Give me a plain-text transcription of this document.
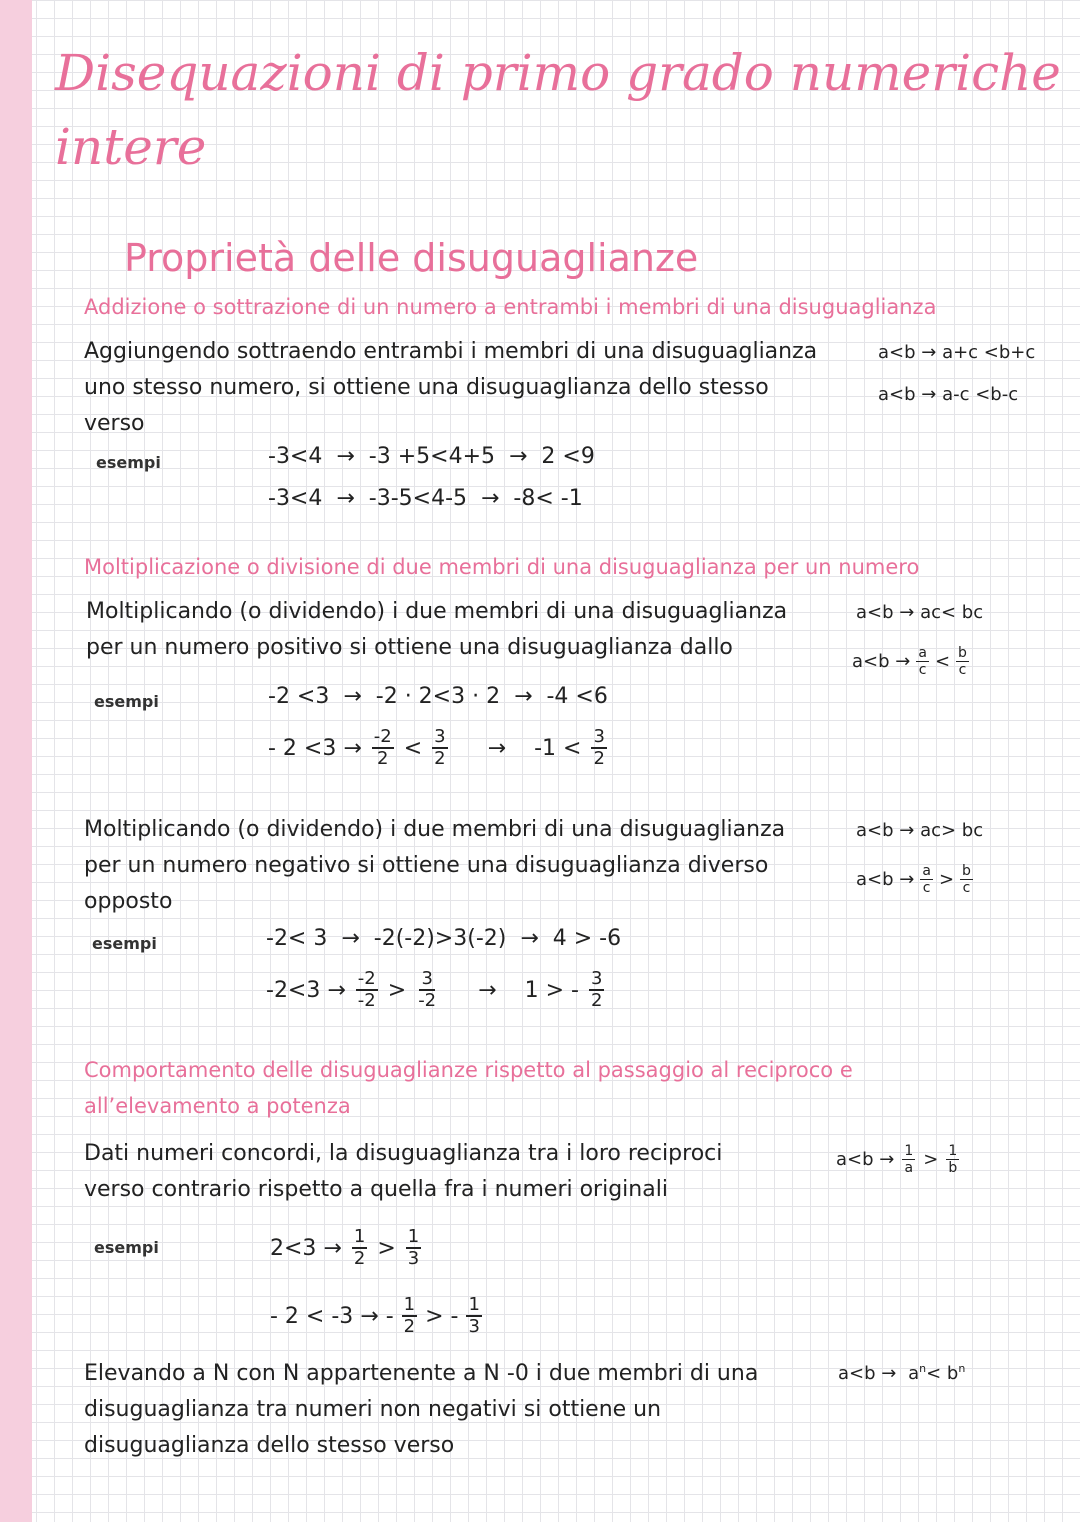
Disequazioni di primo grado numeriche
intere
Proprietà delle disuguaglianze
Addizione o sottrazione di un numero a entrambi i membri di una disuguaglianza
Aggiungendo sottraendo entrambi i membri di una disuguaglianza
uno stesso numero, si ottiene una disuguaglianza dello stesso
verso
a<b → a+c <b+c
a<b → a-c <b-c
esempi	-3<4  →  -3 +5<4+5  →  2 <9
-3<4  →  -3-5<4-5  →  -8< -1
Moltiplicazione o divisione di due membri di una disuguaglianza per un numero
Moltiplicando (o dividendo) i due membri di una disuguaglianza
per un numero positivo si ottiene una disuguaglianza dallo
a<b → ac< bc
$a<b \to \frac{a}{c} < \frac{b}{c}$
esempi	-2 <3  →  -2 · 2<3 · 2  →  -4 <6
- $2 <3 \to \frac{-2}{2} < \frac{3}{2} \to -1 < \frac{3}{2}$
Moltiplicando (o dividendo) i due membri di una disuguaglianza
per un numero negativo si ottiene una disuguaglianza diverso
opposto
a<b → ac> bc
$a<b \to \frac{a}{c} > \frac{b}{c}$
esempi	-2< 3  →  -2(-2)>3(-2)  →  4 > -6
$-2<3 \to \frac{-2}{-2} > \frac{3}{-2} \to 1$ > - $\frac{3}{2}$
Comportamento delle disuguaglianze rispetto al passaggio al reciproco e
all’elevamento a potenza
Dati numeri concordi, la disuguaglianza tra i loro reciproci
verso contrario rispetto a quella fra i numeri originali
$a<b \to \frac{1}{a} > \frac{1}{b}$
esempi	$2<3 \to \frac{1}{2} > \frac{1}{3}$
- 2 < -3 → - $\frac{1}{2}$ > - $\frac{1}{3}$
Elevando a N con N appartenente a N -0 i due membri di una
disuguaglianza tra numeri non negativi si ottiene un
disuguaglianza dello stesso verso
$a<b \to a^n< b^n$
